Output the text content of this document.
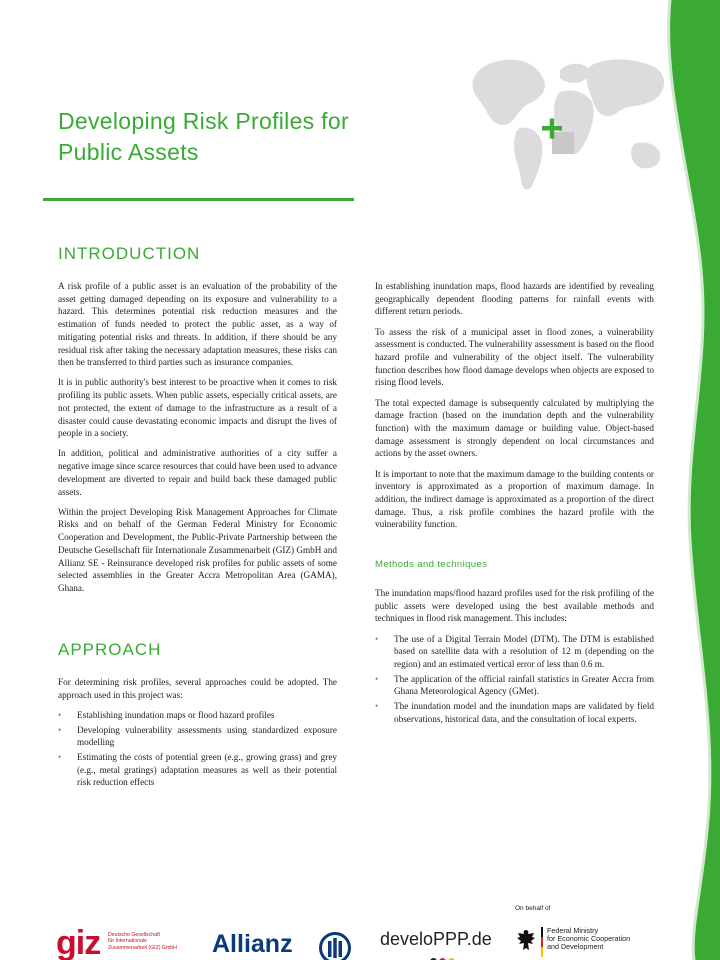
Developing Risk Profiles for Public Assets
INTRODUCTION

A risk profile of a public asset is an evaluation of the probability of the asset getting damaged depending on its exposure and vulnerability to a hazard. This determines potential risk reduction measures and the estimation of funds needed to protect the public asset, as a way of mitigating potential risks and threats. In addition, if there should be any residual risk after taking the necessary adaptation measures, these risks can then be transferred to third parties such as insurance companies.

It is in public authority's best interest to be proactive when it comes to risk profiling its public assets. When public assets, especially critical assets, are not protected, the extent of damage to the infrastructure as a result of a disaster could cause devastating economic impacts and disrupt the lives of people in a society.

In addition, political and administrative authorities of a city suffer a negative image since scarce resources that could have been used to advance development are diverted to repair and build back these damaged public assets.

Within the project Developing Risk Management Approaches for Climate Risks and on behalf of the German Federal Ministry for Economic Cooperation and Development, the Public-Private Partnership between the Deutsche Gesellschaft für Internationale Zusammenarbeit (GIZ) GmbH and Allianz SE - Reinsurance developed risk profiles for public assets of some selected assemblies in the Greater Accra Metropolitan Area (GAMA), Ghana.

APPROACH

For determining risk profiles, several approaches could be adopted. The approach used in this project was:

• Establishing inundation maps or flood hazard profiles
• Developing vulnerability assessments using standardized exposure modelling
• Estimating the costs of potential green (e.g., growing grass) and grey (e.g., metal gratings) adaptation measures as well as their potential risk reduction effects

In establishing inundation maps, flood hazards are identified by revealing geographically dependent flooding patterns for rainfall events with different return periods.

To assess the risk of a municipal asset in flood zones, a vulnerability assessment is conducted. The vulnerability assessment is based on the flood hazard profile and vulnerability of the object itself. The vulnerability function describes how flood damage develops when objects are exposed to rising flood levels.

The total expected damage is subsequently calculated by multiplying the damage fraction (based on the inundation depth and the vulnerability function) with the maximum damage or building value. Object-based damage assessment is strongly dependent on local circumstances and actions by the asset owners.

It is important to note that the maximum damage to the building contents or inventory is approximated as a proportion of maximum damage. In addition, the indirect damage is approximated as a proportion of the direct damage. Thus, a risk profile combines the hazard profile with the vulnerability function.

Methods and techniques

The inundation maps/flood hazard profiles used for the risk profiling of the public assets were developed using the best available methods and techniques in flood risk management. This includes:

• The use of a Digital Terrain Model (DTM). The DTM is established based on satellite data with a resolution of 12 m (depending on the region) and an estimated vertical error of less than 0.6 m.
• The application of the official rainfall statistics in Greater Accra from Ghana Meteorological Agency (GMet).
• The inundation model and the inundation maps are validated by field observations, historical data, and the consultation of local experts.

On behalf of

giz Deutsche Gesellschaft
für Internationale
Zusammenarbeit (GIZ) GmbH	Allianz	develoPPP.de	Federal Ministry
for Economic Cooperation
and Development
